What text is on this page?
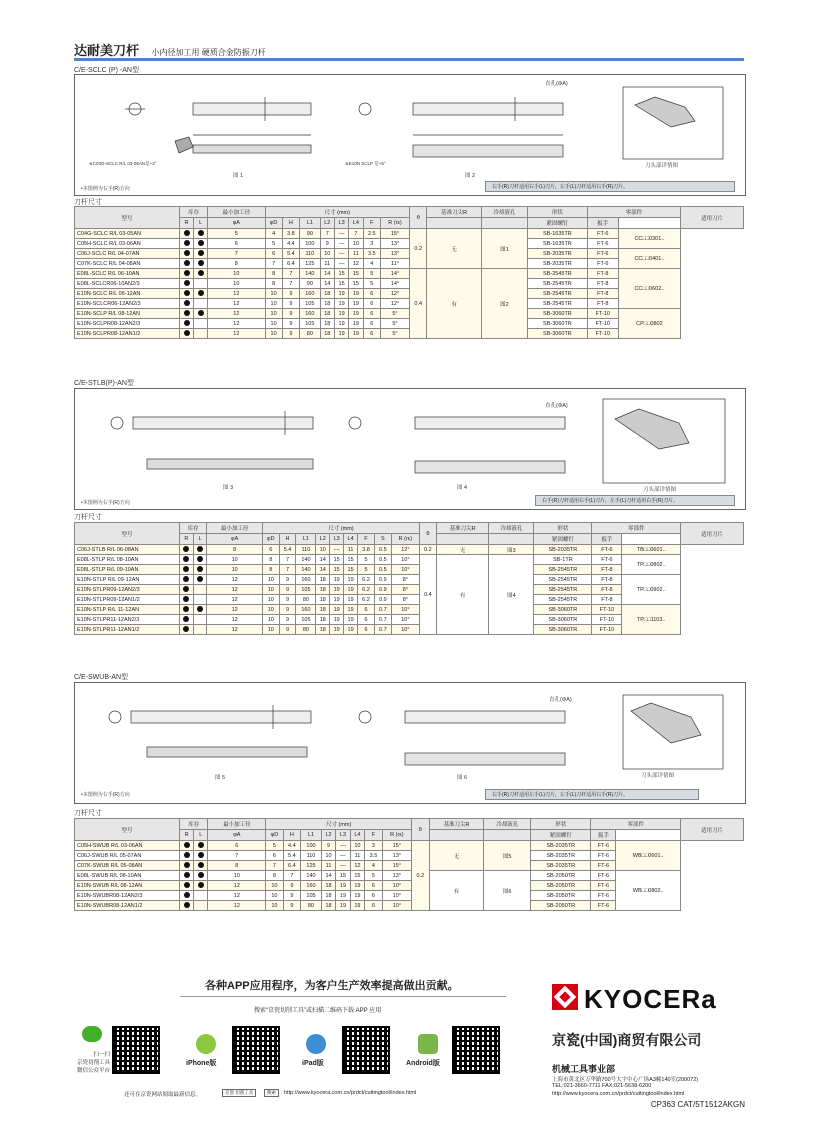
达耐美刀杆 小内径加工用 硬质合金防振刀杆
C/E-SCLC (P) -AN型
图 1	图 2
刀头部详情图
直孔(ΦA)
※C04G-SCLC R/L 03-05AN是+2°	※E10N SCLP 是+5°
•本图例为右手(R)方向	右手(R)刀杆适用右手(L)刀片，左手(L)刀杆适用右手(R)刀片。
刀杆尺寸
型号	库存		最小加工径	尺寸 (mm)								θ	基准刀尖R	冷却液孔	形状	零部件		适用刀片
	R	L	φA	φD	H	L1	L2	L3	L4	F	R (rε)				紧固螺钉	扳手		
C04G-SCLC R/L 03-05AN			5	4	3.8	90	7	—	7	2.5	15°	0.2	无	图1	SB-1635TR	FT-6	CC□□0301..	
C05H-SCLC R/L 03-06AN			6	5	4.4	100	9	—	10	3	13°				SB-1635TR	FT-6		
C06J-SCLC R/L 04-07AN			7	6	5.4	110	10	—	11	3.5	13°				SB-2035TR	FT-6	CC□□0401..	
C07K-SCLC R/L 04-08AN			8	7	6.4	125	11	—	12	4	11°				SB-2035TR	FT-6		
E08L-SCLC R/L 06-10AN			10	8	7	140	14	15	15	5	14°	0.4	有	图2	SB-2545TR	FT-8	CC□□0602..	
E08L-SCLCR06-10AN2/3			10	8	7	90	14	15	15	5	14°				SB-2545TR	FT-8		
E10N-SCLC R/L 06-12AN			12	10	9	160	18	19	19	6	12°				SB-2545TR	FT-8		
E10N-SCLCR06-12AN2/3			12	10	9	105	18	19	19	6	12°				SB-2545TR	FT-8		
E10N-SCLP R/L 08-12AN			12	10	9	160	18	19	19	6	5°				SB-3060TR	FT-10	CP□□0802	
E10N-SCLPR08-12AN2/3			12	10	9	105	18	19	19	6	5°				SB-3060TR	FT-10		
E10N-SCLPR08-12AN1/2			12	10	9	80	18	19	19	6	5°				SB-3060TR	FT-10		
C/E-STLB(P)-AN型
图 3	图 4	刀头部详情图
直孔(ΦA)
•本图例为右手(R)方向	右手(R)刀杆适用右手(L)刀片，左手(L)刀杆适用右手(R)刀片。
刀杆尺寸
型号	库存		最小加工径	尺寸 (mm)									θ	基准刀尖R	冷却液孔	形状	零部件		适用刀片
	R	L	φA	φD	H	L1	L2	L3	L4	F	S	R (rε)				紧固螺钉	扳手		
C06J-STLB R/L 06-08AN			8	6	5.4	110	10	—	11	3.8	0.5	12°	0.2	无	图3	SB-2035TR	FT-6	TB□□0601..	
E08L-STLP R/L 08-10AN			10	8	7	140	14	15	15	5	0.5	10°	0.4	有	图4	SB-1TR	FT-6	TP□□0802..	
E08L-STLP R/L 09-10AN			10	8	7	140	14	15	15	5	0.5	10°				SB-2545TR	FT-8		
E10N-STLP R/L 09-12AN			12	10	9	160	18	19	19	6.2	0.9	8°				SB-2545TR	FT-8	TP□□0902..	
E10N-STLPR09-12AN2/3			12	10	9	105	18	19	19	6.2	0.9	8°				SB-2545TR	FT-8		
E10N-STLPR09-12AN1/2			12	10	9	80	18	19	19	6.2	0.9	8°				SB-2545TR	FT-8		
E10N-STLP R/L 11-12AN			12	10	9	160	18	19	19	6	0.7	10°				SB-3060TR	FT-10	TP□□1103..	
E10N-STLPR11-12AN2/3			12	10	9	105	18	19	19	6	0.7	10°				SB-3060TR	FT-10		
E10N-STLPR11-12AN1/2			12	10	9	80	18	19	19	6	0.7	10°				SB-3060TR	FT-10		
C/E-SWUB-AN型
图 5	图 6	刀头部详情图
直孔(ΦA)
•本图例为右手(R)方向	右手(R)刀杆适用左手(L)刀片，左手(L)刀杆适用右手(R)刀片。
刀杆尺寸
型号	库存		最小加工径	尺寸 (mm)								θ	基准刀尖R	冷却液孔	形状	零部件		适用刀片
	R	L	φA	φD	H	L1	L2	L3	L4	F	R (rε)				紧固螺钉	扳手		
C05H-SWUB R/L 03-06AN			6	5	4.4	100	9	—	10	3	15°	0.2	无	图5	SB-2035TR	FT-6	WB□□0601..	
C06J-SWUB R/L 05-07AN			7	6	5.4	110	10	—	11	3.5	13°				SB-2035TR	FT-6		
C07K-SWUB R/L 05-08AN			8	7	6.4	125	11	—	12	4	15°				SB-2035TR	FT-6		
E08L-SWUB R/L 08-10AN			10	8	7	140	14	15	15	5	13°		有	图6	SB-2050TR	FT-6	WB□□0802..	
E10N-SWUB R/L 08-12AN			12	10	9	160	18	19	19	6	10°				SB-2050TR	FT-6		
E10N-SWUBR08-12AN2/3			12	10	9	105	18	19	19	6	10°				SB-2050TR	FT-6		
E10N-SWUBR08-12AN1/2			12	10	9	80	18	19	19	6	10°				SB-2050TR	FT-6		
各种APP应用程序，为客户生产效率提高做出贡献。
搜索“京瓷切削工具”或扫描二维码下载 APP 应用
扫一扫
京瓷切削工具
微信公众平台
iPhone版	iPad版	Android版
还可在京瓷网站阅取最新信息。	京瓷 切削工具	搜索	http://www.kyocera.com.cn/prdct/cuttingtool/index.html
KYOCERa
京瓷(中国)商贸有限公司
机械工具事业部
上海市黄北区万华路700号大宇中心广场A3幢140室(200072)
TEL:021-3660-7711 FAX:021-5638-6200
http://www.kyocera.com.cn/prdct/cuttingtool/index.html
CP363 CAT/5T1512AKGN
